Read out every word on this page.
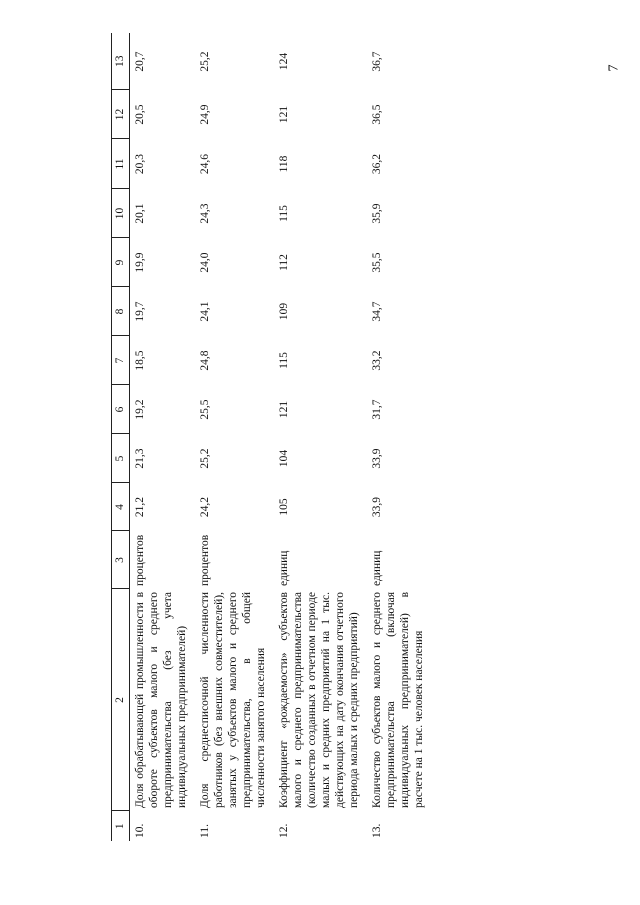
7
1	2	3	4	5	6	7	8	9	10	11	12	13
10.	Доля обрабатывающей промышленности в обороте субъектов малого и среднего предпринимательства (без учета индивидуальных предпринимателей)	процентов	21,2	21,3	19,2	18,5	19,7	19,9	20,1	20,3	20,5	20,7
11.	Доля среднесписочной численности работников (без внешних совместителей), занятых у субъектов малого и среднего предпринимательства, в общей численности занятого населения	процентов	24,2	25,2	25,5	24,8	24,1	24,0	24,3	24,6	24,9	25,2
12.	Коэффициент «рождаемости» субъектов малого и среднего предпринимательства (количество созданных в отчетном периоде малых и средних предприятий на 1 тыс. действующих на дату окончания отчетного периода малых и средних предприятий)	единиц	105	104	121	115	109	112	115	118	121	124
13.	Количество субъектов малого и среднего предпринимательства (включая индивидуальных предпринимателей) в расчете на 1 тыс. человек населения	единиц	33,9	33,9	31,7	33,2	34,7	35,5	35,9	36,2	36,5	36,7
